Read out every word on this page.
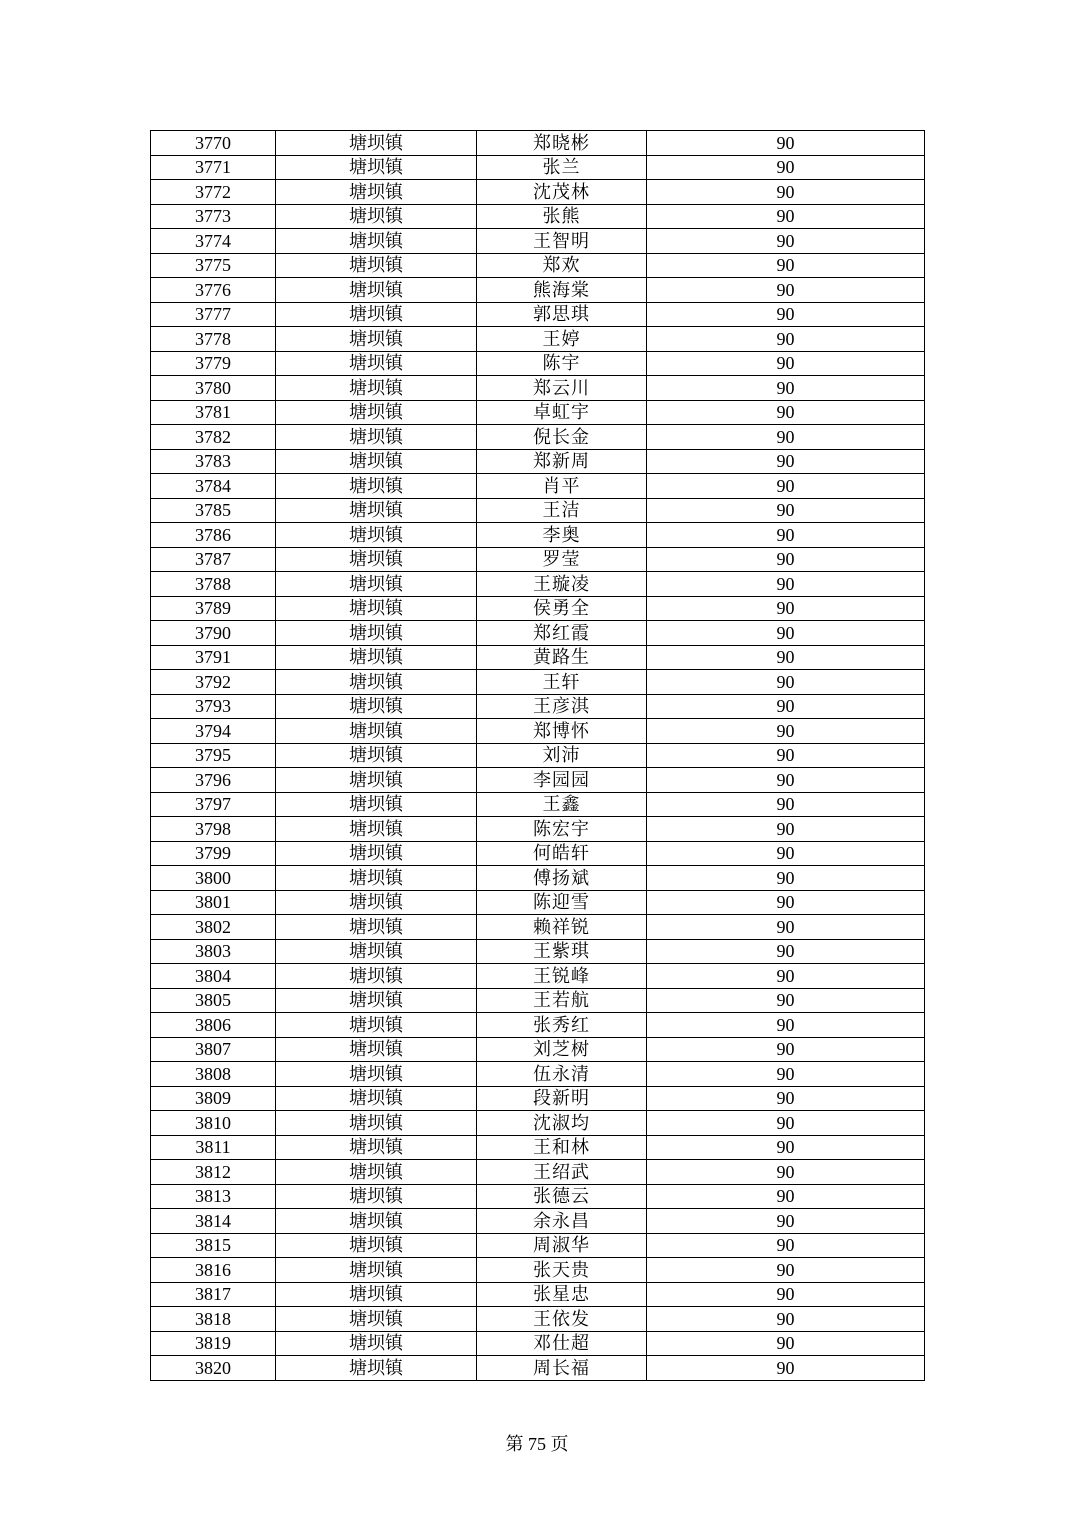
3770	塘坝镇	郑晓彬	90
3771	塘坝镇	张兰	90
3772	塘坝镇	沈茂林	90
3773	塘坝镇	张熊	90
3774	塘坝镇	王智明	90
3775	塘坝镇	郑欢	90
3776	塘坝镇	熊海棠	90
3777	塘坝镇	郭思琪	90
3778	塘坝镇	王婷	90
3779	塘坝镇	陈宇	90
3780	塘坝镇	郑云川	90
3781	塘坝镇	卓虹宇	90
3782	塘坝镇	倪长金	90
3783	塘坝镇	郑新周	90
3784	塘坝镇	肖平	90
3785	塘坝镇	王洁	90
3786	塘坝镇	李奥	90
3787	塘坝镇	罗莹	90
3788	塘坝镇	王璇凌	90
3789	塘坝镇	侯勇全	90
3790	塘坝镇	郑红霞	90
3791	塘坝镇	黄路生	90
3792	塘坝镇	王轩	90
3793	塘坝镇	王彦淇	90
3794	塘坝镇	郑博怀	90
3795	塘坝镇	刘沛	90
3796	塘坝镇	李园园	90
3797	塘坝镇	王鑫	90
3798	塘坝镇	陈宏宇	90
3799	塘坝镇	何皓轩	90
3800	塘坝镇	傅扬斌	90
3801	塘坝镇	陈迎雪	90
3802	塘坝镇	赖祥锐	90
3803	塘坝镇	王紫琪	90
3804	塘坝镇	王锐峰	90
3805	塘坝镇	王若航	90
3806	塘坝镇	张秀红	90
3807	塘坝镇	刘芝树	90
3808	塘坝镇	伍永清	90
3809	塘坝镇	段新明	90
3810	塘坝镇	沈淑均	90
3811	塘坝镇	王和林	90
3812	塘坝镇	王绍武	90
3813	塘坝镇	张德云	90
3814	塘坝镇	余永昌	90
3815	塘坝镇	周淑华	90
3816	塘坝镇	张天贵	90
3817	塘坝镇	张星忠	90
3818	塘坝镇	王依发	90
3819	塘坝镇	邓仕超	90
3820	塘坝镇	周长福	90
第 75 页
